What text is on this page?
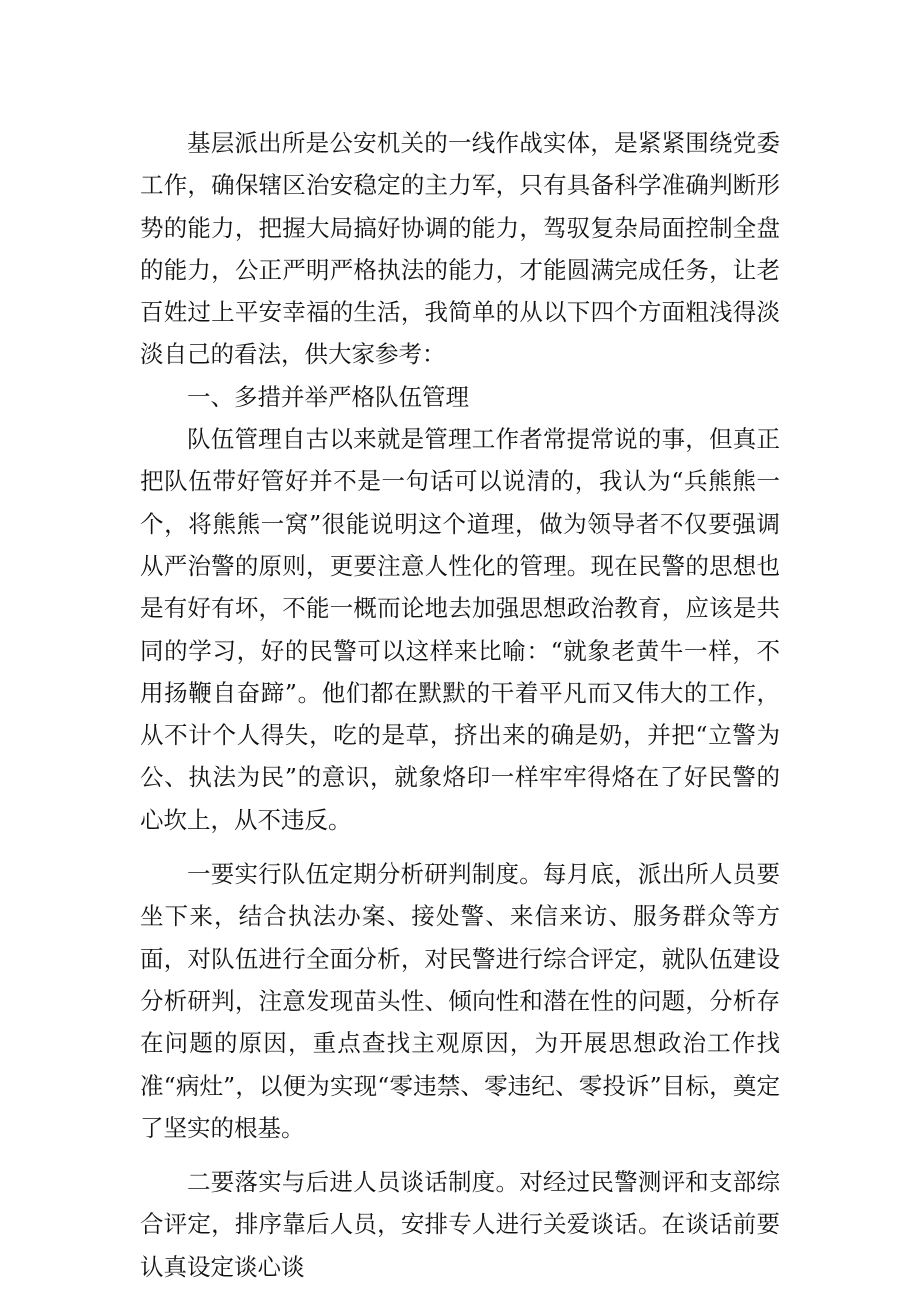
基层派出所是公安机关的一线作战实体，是紧紧围绕党委工作，确保辖区治安稳定的主力军，只有具备科学准确判断形势的能力，把握大局搞好协调的能力，驾驭复杂局面控制全盘的能力，公正严明严格执法的能力，才能圆满完成任务，让老百姓过上平安幸福的生活，我简单的从以下四个方面粗浅得淡淡自己的看法，供大家参考：

一、多措并举严格队伍管理

队伍管理自古以来就是管理工作者常提常说的事，但真正把队伍带好管好并不是一句话可以说清的，我认为“兵熊熊一个，将熊熊一窝”很能说明这个道理，做为领导者不仅要强调从严治警的原则，更要注意人性化的管理。现在民警的思想也是有好有坏，不能一概而论地去加强思想政治教育，应该是共同的学习，好的民警可以这样来比喻：“就象老黄牛一样，不用扬鞭自奋蹄”。他们都在默默的干着平凡而又伟大的工作，从不计个人得失，吃的是草，挤出来的确是奶，并把“立警为公、执法为民”的意识，就象烙印一样牢牢得烙在了好民警的心坎上，从不违反。

一要实行队伍定期分析研判制度。每月底，派出所人员要坐下来，结合执法办案、接处警、来信来访、服务群众等方面，对队伍进行全面分析，对民警进行综合评定，就队伍建设分析研判，注意发现苗头性、倾向性和潜在性的问题，分析存在问题的原因，重点查找主观原因，为开展思想政治工作找准“病灶”，以便为实现“零违禁、零违纪、零投诉”目标，奠定了坚实的根基。

二要落实与后进人员谈话制度。对经过民警测评和支部综合评定，排序靠后人员，安排专人进行关爱谈话。在谈话前要认真设定谈心谈
